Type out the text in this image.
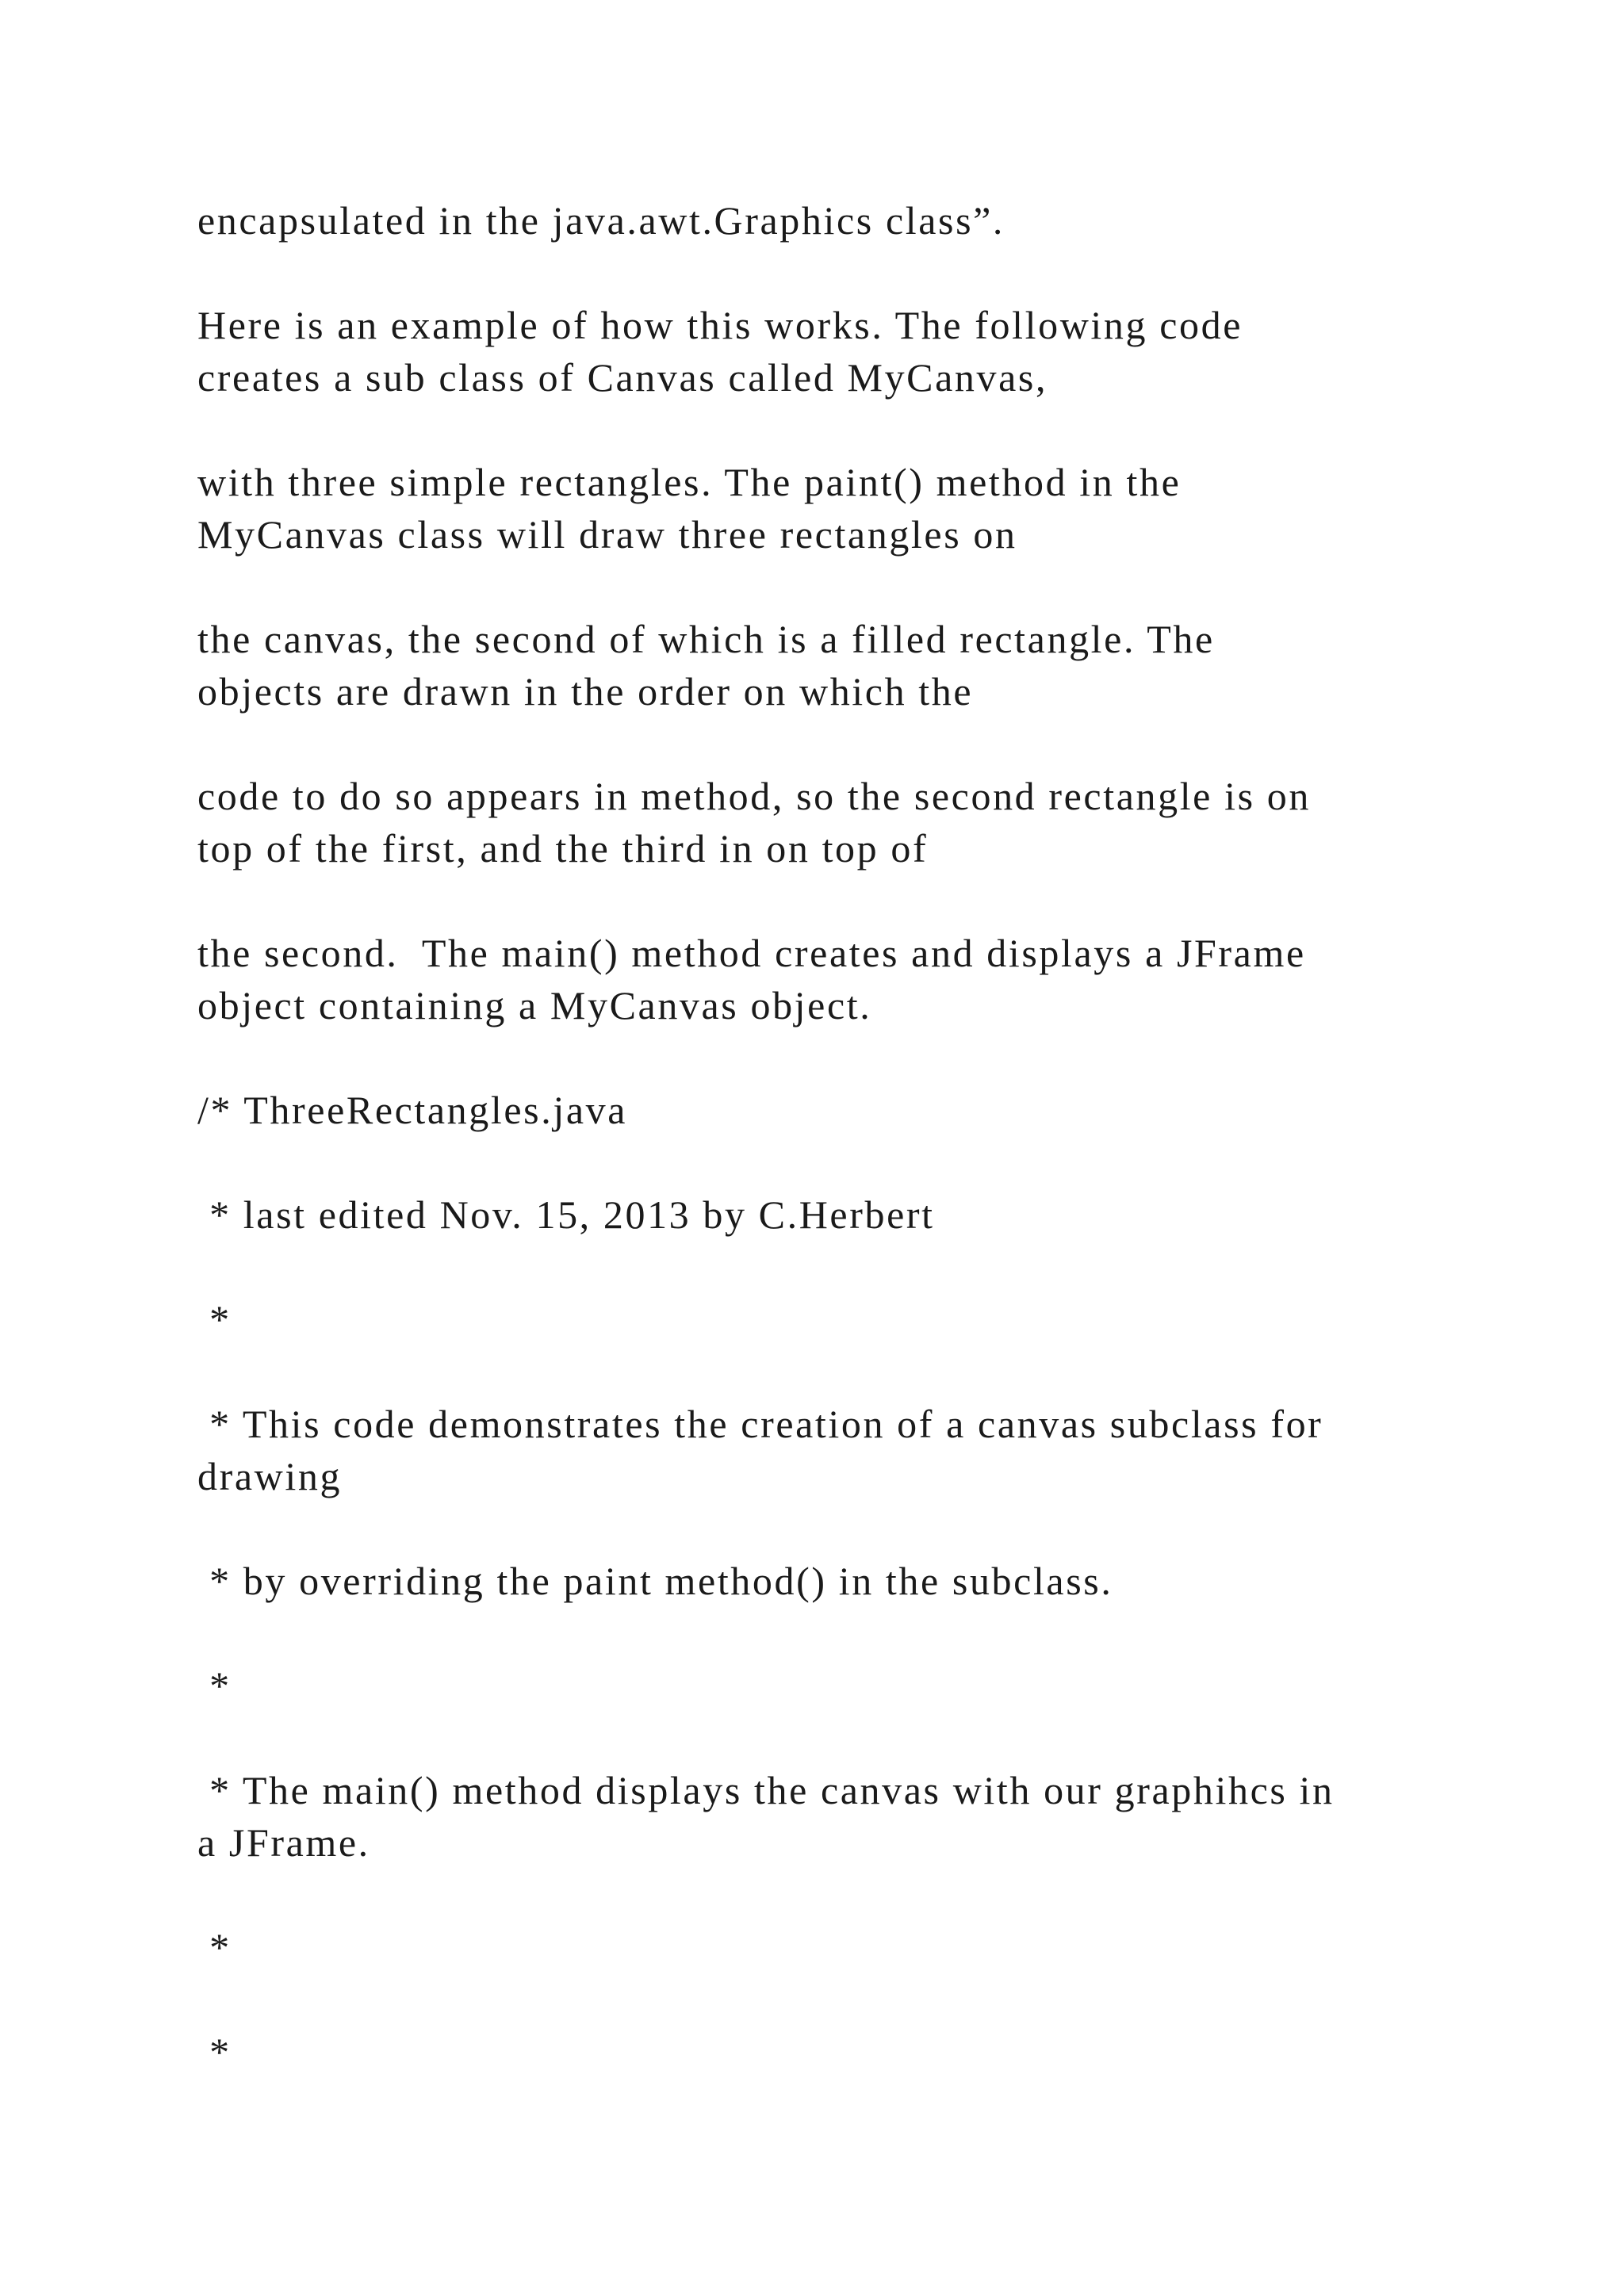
encapsulated in the java.awt.Graphics class”.

Here is an example of how this works. The following code

creates a sub class of Canvas called MyCanvas,

with three simple rectangles. The paint() method in the

MyCanvas class will draw three rectangles on

the canvas, the second of which is a filled rectangle. The

objects are drawn in the order on which the

code to do so appears in method, so the second rectangle is on

top of the first, and the third in on top of

the second.  The main() method creates and displays a JFrame

object containing a MyCanvas object.

/* ThreeRectangles.java

* last edited Nov. 15, 2013 by C.Herbert

*

* This code demonstrates the creation of a canvas subclass for

drawing

* by overriding the paint method() in the subclass.

*

* The main() method displays the canvas with our graphihcs in

a JFrame.

*

*
